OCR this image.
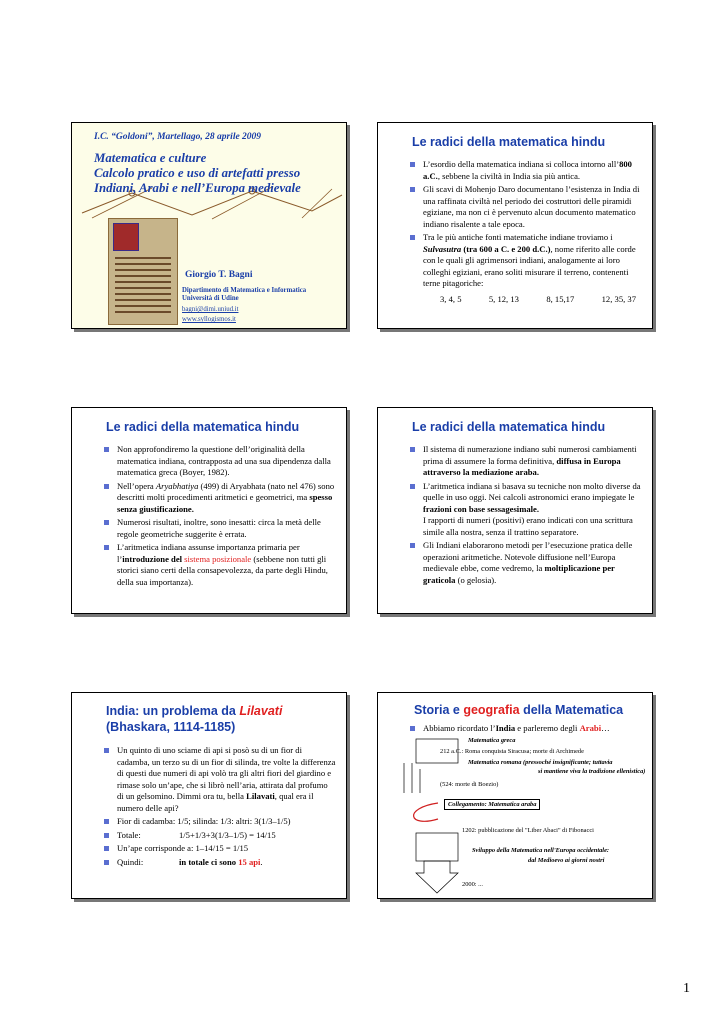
I.C. “Goldoni”, Martellago, 28 aprile 2009
Matematica e culture
Calcolo pratico e uso di artefatti presso
Indiani, Arabi e nell’Europa medievale
Giorgio T. Bagni
Dipartimento di Matematica e Informatica
Università di Udine
bagni@dimi.uniud.it
www.syllogismos.it
Le radici della matematica hindu
L’esordio della matematica indiana si colloca intorno all’800 a.C., sebbene la civiltà in India sia più antica.
Gli scavi di Mohenjo Daro documentano l’esistenza in India di una raffinata civiltà nel periodo dei costruttori delle piramidi egiziane, ma non ci è pervenuto alcun documento matematico indiano risalente a tale epoca.
Tra le più antiche fonti matematiche indiane troviamo i Sulvasutra (tra 600 a C. e 200 d.C.), nome riferito alle corde con le quali gli agrimensori indiani, analogamente ai loro colleghi egiziani, erano soliti misurare il terreno, contenenti terne pitagoriche:
3, 4, 5	5, 12, 13	8, 15,17	12, 35, 37
Le radici della matematica hindu
Non approfondiremo la questione dell’originalità della matematica indiana, contrapposta ad una sua dipendenza dalla matematica greca (Boyer, 1982).
Nell’opera Aryabhatiya (499) di Aryabhata (nato nel 476) sono descritti molti procedimenti aritmetici e geometrici, ma spesso senza giustificazione.
Numerosi risultati, inoltre, sono inesatti: circa la metà delle regole geometriche suggerite è errata.
L’aritmetica indiana assunse importanza primaria per l’introduzione del sistema posizionale (sebbene non tutti gli storici siano certi della consapevolezza, da parte degli Hindu, della sua importanza).
Le radici della matematica hindu
Il sistema di numerazione indiano subì numerosi cambiamenti prima di assumere la forma definitiva, diffusa in Europa attraverso la mediazione araba.
L’aritmetica indiana si basava su tecniche non molto diverse da quelle in uso oggi. Nei calcoli astronomici erano impiegate le frazioni con base sessagesimale.
I rapporti di numeri (positivi) erano indicati con una scrittura simile alla nostra, senza il trattino separatore.
Gli Indiani elaborarono metodi per l’esecuzione pratica delle operazioni aritmetiche. Notevole diffusione nell’Europa medievale ebbe, come vedremo, la moltiplicazione per graticola (o gelosia).
India: un problema da Lilavati
(Bhaskara, 1114-1185)
Un quinto di uno sciame di api si posò su di un fior di cadamba, un terzo su di un fior di silinda, tre volte la differenza di questi due numeri di api volò tra gli altri fiori del giardino e rimase solo un’ape, che si librò nell’aria, attirata dal profumo di un gelsomino. Dimmi ora tu, bella Lilavati, qual era il numero delle api?
Fior di cadamba: 1/5; silinda: 1/3: altri: 3(1/3–1/5)
Totale:	1/5+1/3+3(1/3–1/5) = 14/15
Un’ape corrisponde a: 1–14/15 = 1/15
Quindi:	in totale ci sono 15 api.
Storia e geografia della Matematica
Abbiamo ricordato l’India e parleremo degli Arabi…
Matematica greca
212 a.C.: Roma conquista Siracusa; morte di Archimede
Matematica romana (pressoché insignificante; tuttavia
si mantiene viva la tradizione ellenistica)
(524: morte di Boezio)
Collegamento: Matematica araba
1202: pubblicazione del "Liber Abaci" di Fibonacci
Sviluppo della Matematica nell'Europa occidentale:
dal Medioevo ai giorni nostri
2000: ...
1
